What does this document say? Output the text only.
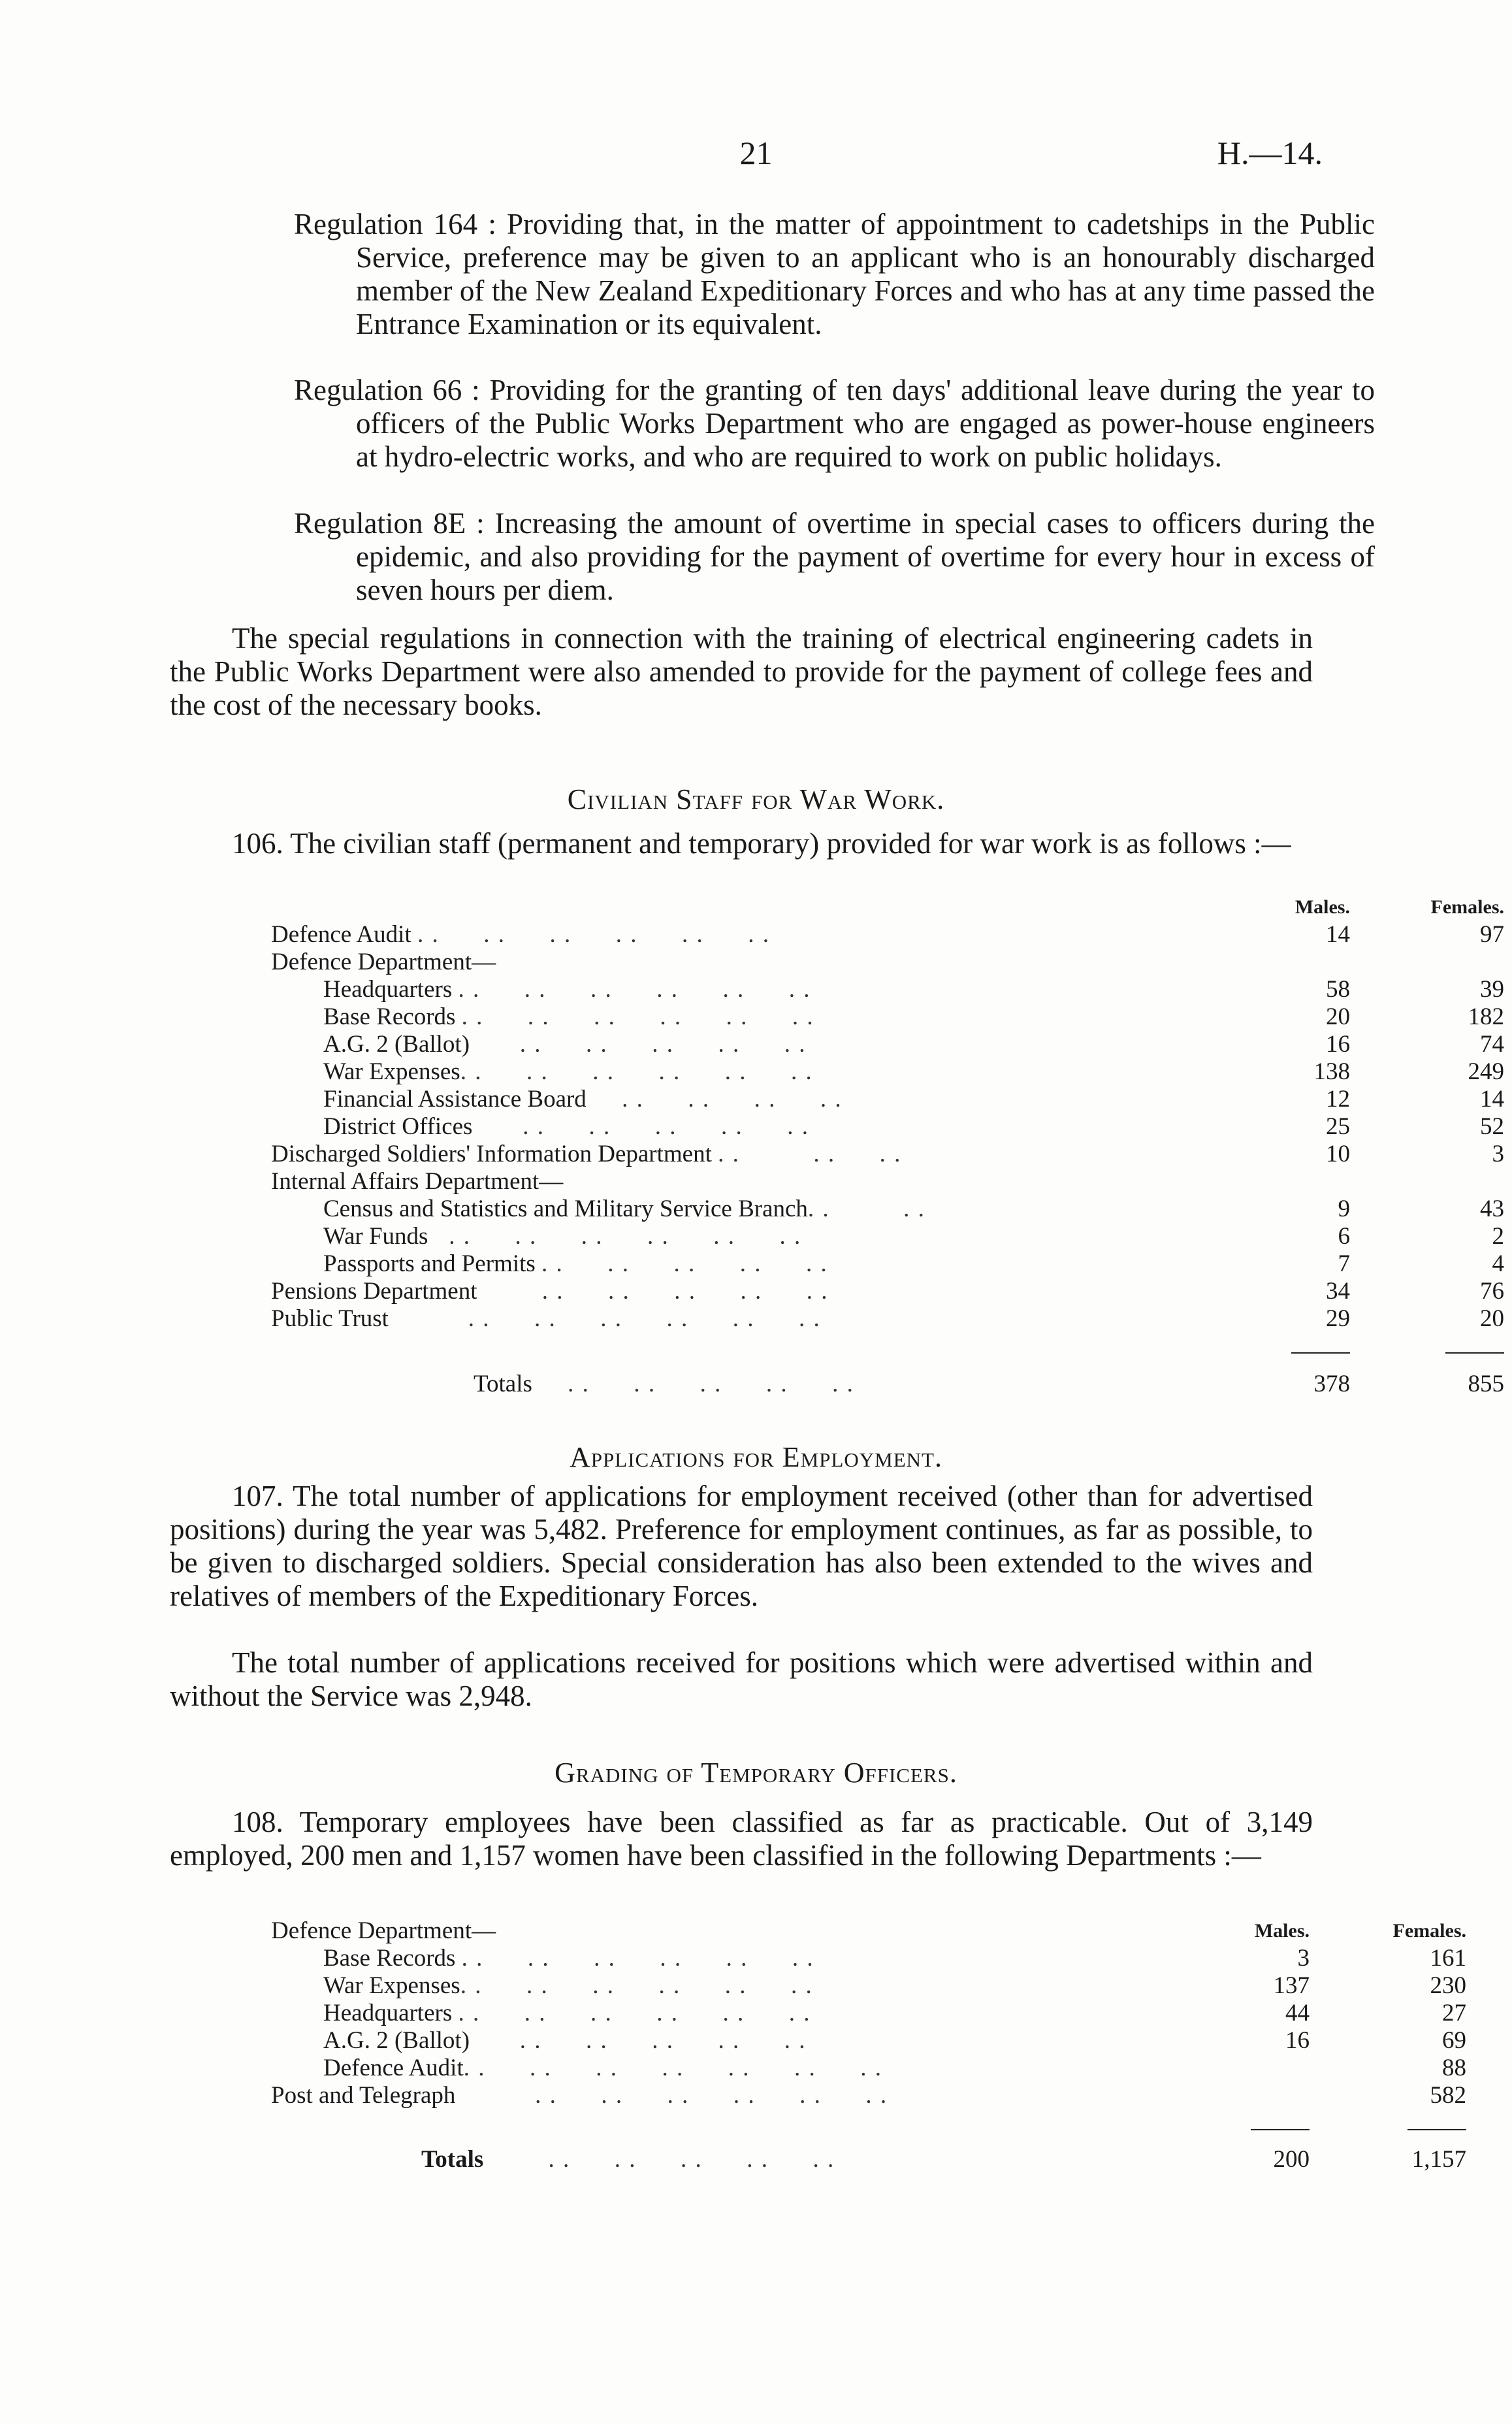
21	H.—14.
Regulation 164 : Providing that, in the matter of appointment to cadetships in the Public Service, preference may be given to an applicant who is an honourably discharged member of the New Zealand Expeditionary Forces and who has at any time passed the Entrance Examination or its equivalent.
Regulation 66 : Providing for the granting of ten days' additional leave during the year to officers of the Public Works Department who are engaged as power-house engineers at hydro-electric works, and who are required to work on public holidays.
Regulation 8E : Increasing the amount of overtime in special cases to officers during the epidemic, and also providing for the payment of overtime for every hour in excess of seven hours per diem.
The special regulations in connection with the training of electrical engineering cadets in the Public Works Department were also amended to provide for the payment of college fees and the cost of the necessary books.
Civilian Staff for War Work.
106. The civilian staff (permanent and temporary) provided for war work is as follows :—
	Males.	Females.
Defence Audit . .      . .      . .      . .      . .      . .	14	97
Defence Department—		
Headquarters . .      . .      . .      . .      . .      . .	58	39
Base Records . .      . .      . .      . .      . .      . .	20	182
A.G. 2 (Ballot)       . .      . .      . .      . .      . .	16	74
War Expenses. .      . .      . .      . .      . .      . .	138	249
Financial Assistance Board     . .      . .      . .      . .	12	14
District Offices       . .      . .      . .      . .      . .	25	52
Discharged Soldiers' Information Department . .          . .      . .	10	3
Internal Affairs Department—		
Census and Statistics and Military Service Branch. .          . .	9	43
War Funds   . .      . .      . .      . .      . .      . .	6	2
Passports and Permits . .      . .      . .      . .      . .	7	4
Pensions Department         . .      . .      . .      . .      . .	34	76
Public Trust           . .      . .      . .      . .      . .      . .	29	20

Totals     . .      . .      . .      . .      . .	378	855
Applications for Employment.
107. The total number of applications for employment received (other than for advertised positions) during the year was 5,482. Preference for employment continues, as far as possible, to be given to discharged soldiers. Special consideration has also been extended to the wives and relatives of members of the Expeditionary Forces.
The total number of applications received for positions which were advertised within and without the Service was 2,948.
Grading of Temporary Officers.
108. Temporary employees have been classified as far as practicable. Out of 3,149 employed, 200 men and 1,157 women have been classified in the following Departments :—
Defence Department—	Males.	Females.
Base Records . .      . .      . .      . .      . .      . .	3	161
War Expenses. .      . .      . .      . .      . .      . .	137	230
Headquarters . .      . .      . .      . .      . .      . .	44	27
A.G. 2 (Ballot)       . .      . .      . .      . .      . .	16	69
Defence Audit. .      . .      . .      . .      . .      . .      . .		88
Post and Telegraph           . .      . .      . .      . .      . .      . .		582

Totals         . .      . .      . .      . .      . .	200	1,157
